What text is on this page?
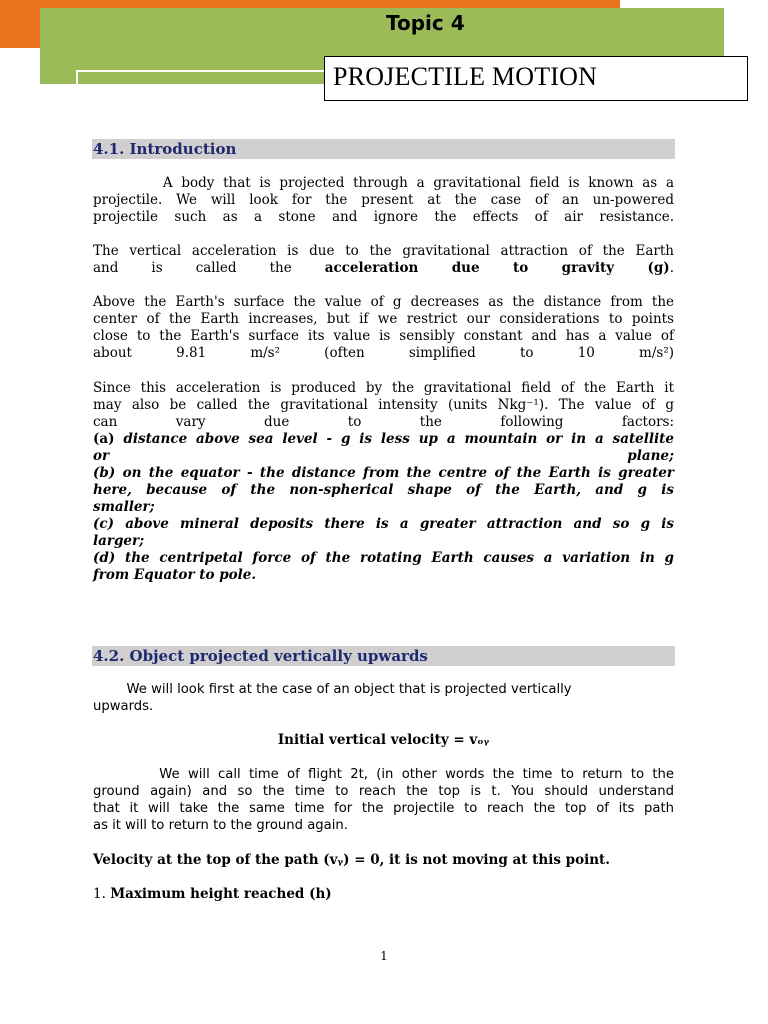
Topic 4
PROJECTILE MOTION
4.1. Introduction
A body that is projected through a gravitational field is known as a
projectile. We will look for the present at the case of an un-powered
projectile such as a stone and ignore the effects of air resistance.
The vertical acceleration is due to the gravitational attraction of the Earth
and is called the acceleration due to gravity (g).
Above the Earth's surface the value of g decreases as the distance from the
center of the Earth increases, but if we restrict our considerations to points
close to the Earth's surface its value is sensibly constant and has a value of
about 9.81 m/s² (often simplified to 10 m/s²)
Since this acceleration is produced by the gravitational field of the Earth it
may also be called the gravitational intensity (units Nkg⁻¹). The value of g
can vary due to the following factors:
(a) distance above sea level - g is less up a mountain or in a satellite
or plane;
(b) on the equator - the distance from the centre of the Earth is greater
here, because of the non-spherical shape of the Earth, and g is
smaller;
(c) above mineral deposits there is a greater attraction and so g is
larger;
(d) the centripetal force of the rotating Earth causes a variation in g
from Equator to pole.
4.2. Object projected vertically upwards
We will look first at the case of an object that is projected vertically
upwards.
Initial vertical velocity = vₒᵧ
We will call time of flight 2t, (in other words the time to return to the
ground again) and so the time to reach the top is t. You should understand
that it will take the same time for the projectile to reach the top of its path
as it will to return to the ground again.
Velocity at the top of the path (vᵧ) = 0, it is not moving at this point.
1. Maximum height reached (h)
1
